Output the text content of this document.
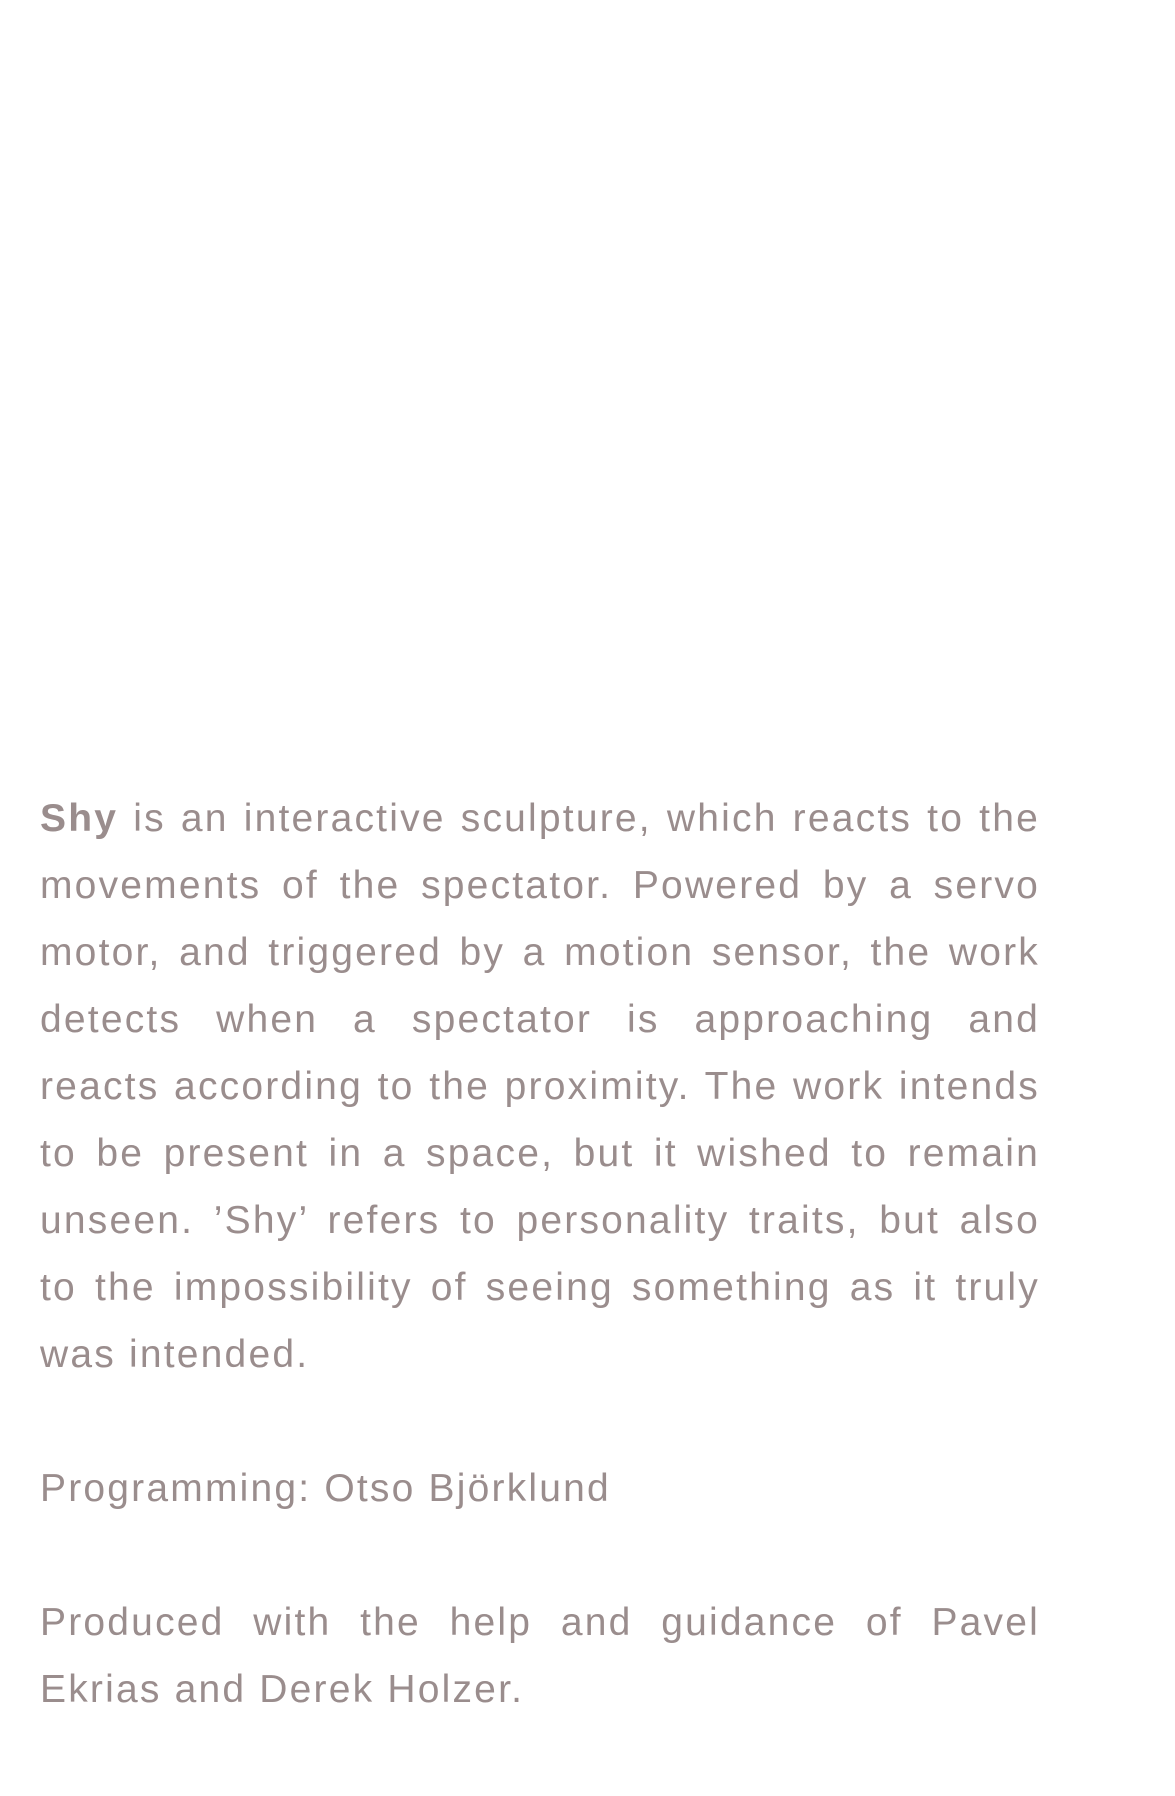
Shy is an interactive sculpture, which reacts to the movements of the spectator. Powered by a servo motor, and triggered by a motion sensor, the work detects when a spectator is approaching and reacts according to the proximity. The work intends to be present in a space, but it wished to remain unseen. ’Shy’ refers to personality traits, but also to the impossibility of seeing something as it truly was intended.

Programming: Otso Björklund

Produced with the help and guidance of Pavel Ekrias and Derek Holzer.
